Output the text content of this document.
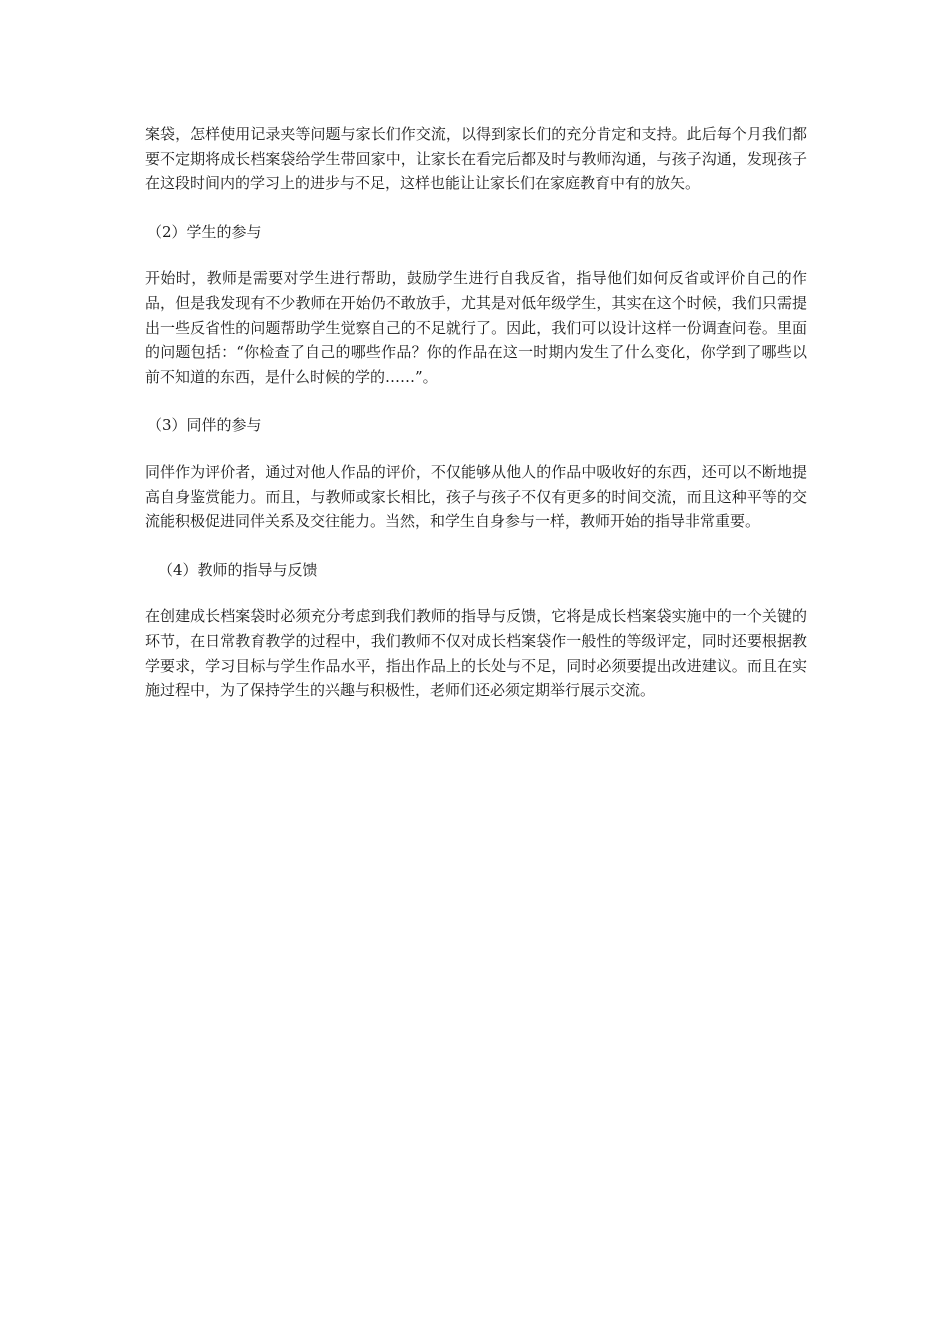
案袋，怎样使用记录夹等问题与家长们作交流，以得到家长们的充分肯定和支持。此后每个月我们都要不定期将成长档案袋给学生带回家中，让家长在看完后都及时与教师沟通，与孩子沟通，发现孩子在这段时间内的学习上的进步与不足，这样也能让让家长们在家庭教育中有的放矢。

（2）学生的参与

开始时，教师是需要对学生进行帮助，鼓励学生进行自我反省，指导他们如何反省或评价自己的作品，但是我发现有不少教师在开始仍不敢放手，尤其是对低年级学生，其实在这个时候，我们只需提出一些反省性的问题帮助学生觉察自己的不足就行了。因此，我们可以设计这样一份调查问卷。里面的问题包括：“你检查了自己的哪些作品？你的作品在这一时期内发生了什么变化，你学到了哪些以前不知道的东西，是什么时候的学的……”。

（3）同伴的参与

同伴作为评价者，通过对他人作品的评价，不仅能够从他人的作品中吸收好的东西，还可以不断地提高自身鉴赏能力。而且，与教师或家长相比，孩子与孩子不仅有更多的时间交流，而且这种平等的交流能积极促进同伴关系及交往能力。当然，和学生自身参与一样，教师开始的指导非常重要。

（4）教师的指导与反馈

在创建成长档案袋时必须充分考虑到我们教师的指导与反馈，它将是成长档案袋实施中的一个关键的环节，在日常教育教学的过程中，我们教师不仅对成长档案袋作一般性的等级评定，同时还要根据教学要求，学习目标与学生作品水平，指出作品上的长处与不足，同时必须要提出改进建议。而且在实施过程中，为了保持学生的兴趣与积极性，老师们还必须定期举行展示交流。
